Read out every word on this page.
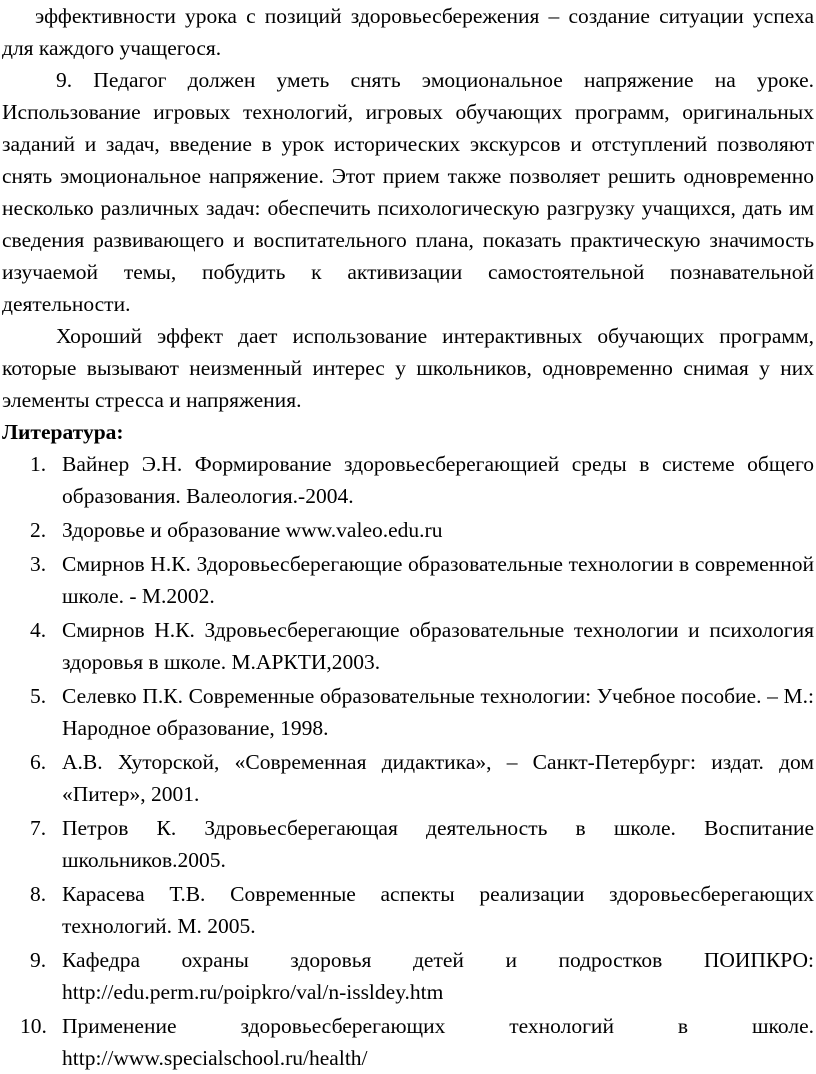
эффективности урока с позиций здоровьесбережения – создание ситуации успеха для каждого учащегося.

9. Педагог должен уметь снять эмоциональное напряжение на уроке. Использование игровых технологий, игровых обучающих программ, оригинальных заданий и задач, введение в урок исторических экскурсов и отступлений позволяют снять эмоциональное напряжение. Этот прием также позволяет решить одновременно несколько различных задач: обеспечить психологическую разгрузку учащихся, дать им сведения развивающего и воспитательного плана, показать практическую значимость изучаемой темы, побудить к активизации самостоятельной познавательной деятельности.

Хороший эффект дает использование интерактивных обучающих программ, которые вызывают неизменный интерес у школьников, одновременно снимая у них элементы стресса и напряжения.

Литература:

1. Вайнер Э.Н. Формирование здоровьесберегающией среды в системе общего образования. Валеология.-2004.
2. Здоровье и образование www.valeo.edu.ru
3. Смирнов Н.К. Здоровьесберегающие образовательные технологии в современной школе. - М.2002.
4. Смирнов Н.К. Здровьесберегающие образовательные технологии и психология здоровья в школе. М.АРКТИ,2003.
5. Селевко П.К. Современные образовательные технологии: Учебное пособие. – М.: Народное образование, 1998.
6. А.В. Хуторской, «Современная дидактика», – Санкт-Петербург: издат. дом «Питер», 2001.
7. Петров К. Здровьесберегающая деятельность в школе. Воспитание школьников.2005.
8. Карасева Т.В. Современные аспекты реализации здоровьесберегающих технологий. М. 2005.
9. Кафедра охраны здоровья детей и подростков ПОИПКРО: http://edu.perm.ru/poipkro/val/n-issldey.htm
10. Применение здоровьесберегающих технологий в школе. http://www.specialschool.ru/health/
